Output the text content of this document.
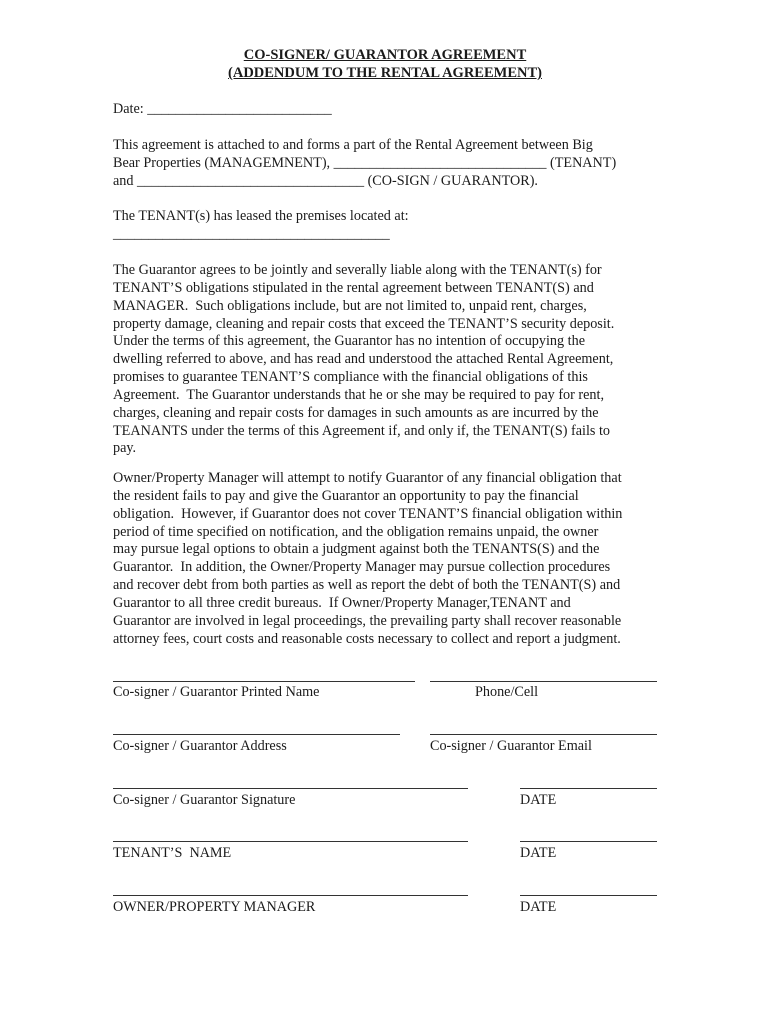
CO-SIGNER/ GUARANTOR AGREEMENT
(ADDENDUM TO THE RENTAL AGREEMENT)
Date: __________________________
This agreement is attached to and forms a part of the Rental Agreement between Big
Bear Properties (MANAGEMNENT), ______________________________ (TENANT)
and ________________________________ (CO-SIGN / GUARANTOR).
The TENANT(s) has leased the premises located at:
_______________________________________
The Guarantor agrees to be jointly and severally liable along with the TENANT(s) for
TENANT’S obligations stipulated in the rental agreement between TENANT(S) and
MANAGER.  Such obligations include, but are not limited to, unpaid rent, charges,
property damage, cleaning and repair costs that exceed the TENANT’S security deposit.
Under the terms of this agreement, the Guarantor has no intention of occupying the
dwelling referred to above, and has read and understood the attached Rental Agreement,
promises to guarantee TENANT’S compliance with the financial obligations of this
Agreement.  The Guarantor understands that he or she may be required to pay for rent,
charges, cleaning and repair costs for damages in such amounts as are incurred by the
TEANANTS under the terms of this Agreement if, and only if, the TENANT(S) fails to
pay.
Owner/Property Manager will attempt to notify Guarantor of any financial obligation that
the resident fails to pay and give the Guarantor an opportunity to pay the financial
obligation.  However, if Guarantor does not cover TENANT’S financial obligation within
period of time specified on notification, and the obligation remains unpaid, the owner
may pursue legal options to obtain a judgment against both the TENANTS(S) and the
Guarantor.  In addition, the Owner/Property Manager may pursue collection procedures
and recover debt from both parties as well as report the debt of both the TENANT(S) and
Guarantor to all three credit bureaus.  If Owner/Property Manager,TENANT and
Guarantor are involved in legal proceedings, the prevailing party shall recover reasonable
attorney fees, court costs and reasonable costs necessary to collect and report a judgment.
Co-signer / Guarantor Printed Name	Phone/Cell
Co-signer / Guarantor Address	Co-signer / Guarantor Email
Co-signer / Guarantor Signature	DATE
TENANT’S  NAME	DATE
OWNER/PROPERTY MANAGER	DATE
